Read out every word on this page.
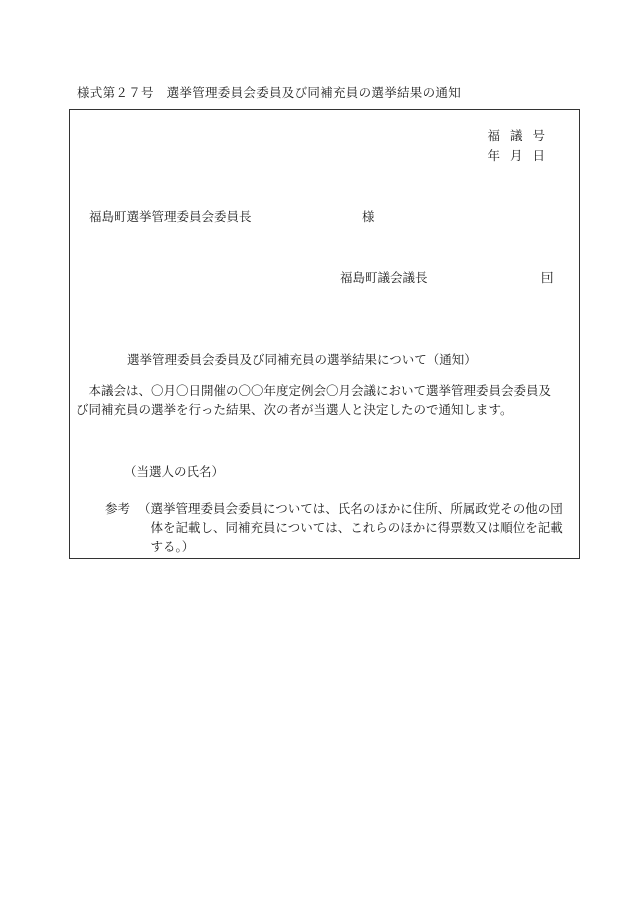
様式第２７号　選挙管理委員会委員及び同補充員の選挙結果の通知
福議号
年月日
福島町選挙管理委員会委員長	様
福島町議会議長	囙
選挙管理委員会委員及び同補充員の選挙結果について（通知）
本議会は、〇月〇日開催の〇〇年度定例会〇月会議において選挙管理委員会委員及び同補充員の選挙を行った結果、次の者が当選人と決定したので通知します。
（当選人の氏名）
参考 （選挙管理委員会委員については、氏名のほかに住所、所属政党その他の団体を記載し、同補充員については、これらのほかに得票数又は順位を記載する。）
